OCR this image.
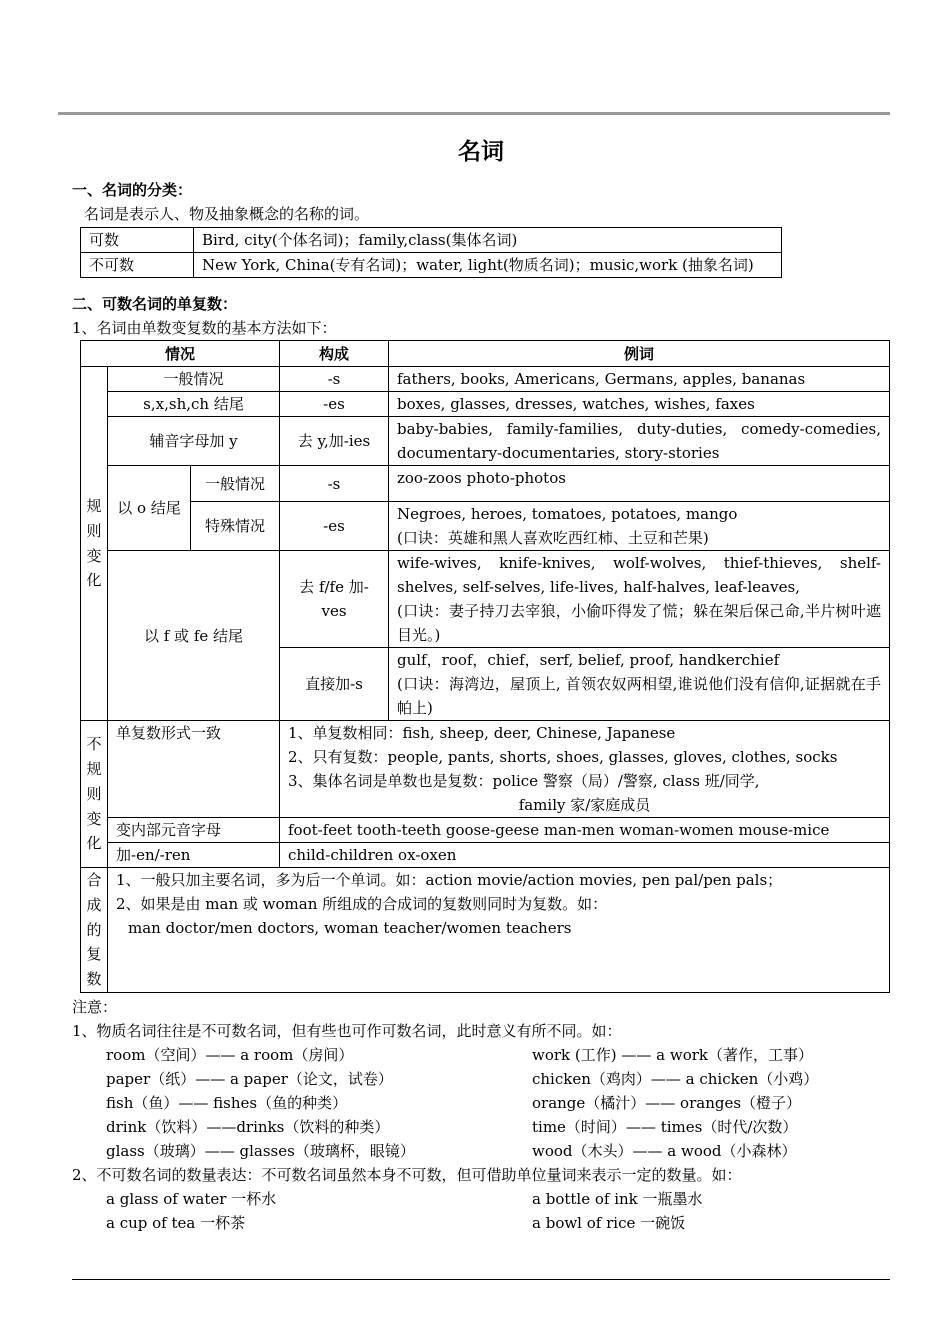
名词

一、名词的分类：

名词是表示人、物及抽象概念的名称的词。

可数	Bird, city(个体名词)；family,class(集体名词)
不可数	New York, China(专有名词)；water, light(物质名词)；music,work (抽象名词)

二、可数名词的单复数：

1、名词由单数变复数的基本方法如下：

情况			构成	例词
规则变化	一般情况		-s	fathers, books, Americans, Germans, apples, bananas
	s,x,sh,ch 结尾		-es	boxes, glasses, dresses, watches, wishes, faxes
	辅音字母加 y		去 y,加-ies	baby-babies, family-families, duty-duties, comedy-comedies, documentary-documentaries, story-stories
	以 o 结尾	一般情况	-s	zoo-zoos photo-photos
		特殊情况	-es	Negroes, heroes, tomatoes, potatoes, mango
(口诀：英雄和黑人喜欢吃西红柿、土豆和芒果)

	以 f 或 fe 结尾		去 f/fe 加-ves	wife-wives, knife-knives, wolf-wolves, thief-thieves, shelf-shelves, self-selves, life-lives, half-halves, leaf-leaves,
(口诀：妻子持刀去宰狼，小偷吓得发了慌；躲在架后保己命,半片树叶遮目光。)

			直接加-s	gulf，roof，chief，serf, belief, proof, handkerchief
(口诀：海湾边，屋顶上, 首领农奴两相望,谁说他们没有信仰,证据就在手帕上)

不规则变化	单复数形式一致		1、单复数相同：fish, sheep, deer, Chinese, Japanese
2、只有复数：people, pants, shorts, shoes, glasses, gloves, clothes, socks
3、集体名词是单数也是复数：police 警察（局）/警察, class 班/同学,
family 家/家庭成员	

	变内部元音字母		foot-feet tooth-teeth goose-geese man-men woman-women mouse-mice	
	加-en/-ren		child-children ox-oxen	
合成的复数	1、一般只加主要名词，多为后一个单词。如：action movie/action movies, pen pal/pen pals；
2、如果是由 man 或 woman 所组成的合成词的复数则同时为复数。如：
man doctor/men doctors, woman teacher/women teachers			

注意：

1、物质名词往往是不可数名词，但有些也可作可数名词，此时意义有所不同。如：

room（空间）—— a room（房间）	work (工作) —— a work（著作，工事）
paper（纸）—— a paper（论文，试卷）	chicken（鸡肉）—— a chicken（小鸡）
fish（鱼）—— fishes（鱼的种类）	orange（橘汁）—— oranges（橙子）
drink（饮料）——drinks（饮料的种类）	time（时间）—— times（时代/次数）
glass（玻璃）—— glasses（玻璃杯，眼镜）	wood（木头）—— a wood（小森林）

2、不可数名词的数量表达：不可数名词虽然本身不可数，但可借助单位量词来表示一定的数量。如：

a glass of water 一杯水	a bottle of ink 一瓶墨水
a cup of tea 一杯茶	a bowl of rice 一碗饭
